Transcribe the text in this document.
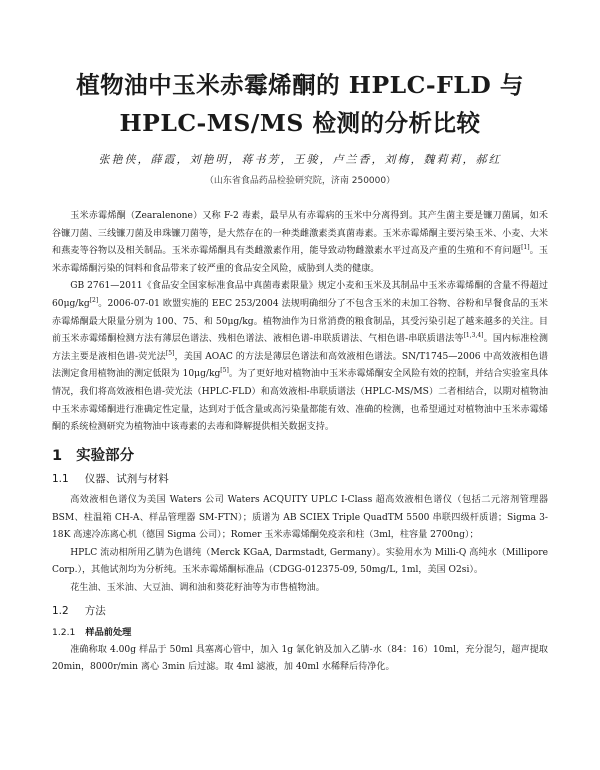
植物油中玉米赤霉烯酮的 HPLC-FLD 与
HPLC-MS/MS 检测的分析比较
张艳侠，薛霞，刘艳明，蒋书芳，王骏，卢兰香，刘梅，魏莉莉，郝红
（山东省食品药品检验研究院，济南 250000）

玉米赤霉烯酮（Zearalenone）又称 F-2 毒素，最早从有赤霉病的玉米中分离得到。其产生菌主要是镰刀菌属，如禾谷镰刀菌、三线镰刀菌及串珠镰刀菌等，是大然存在的一种类雌激素类真菌毒素。玉米赤霉烯酮主要污染玉米、小麦、大米和燕麦等谷物以及相关制品。玉米赤霉烯酮具有类雌激素作用，能导致动物雌激素水平过高及产重的生殖和不育问题[1]。玉米赤霉烯酮污染的饲料和食品带来了较严重的食品安全风险，威胁到人类的健康。

GB 2761—2011《食品安全国家标准食品中真菌毒素限量》规定小麦和玉米及其制品中玉米赤霉烯酮的含量不得超过 60μg/kg[2]。2006-07-01 欧盟实施的 EEC 253/2004 法规明确细分了不包含玉米的未加工谷物、谷粉和早餐食品的玉米赤霉烯酮最大限量分别为 100、75、和 50μg/kg。植物油作为日常消费的粮食制品，其受污染引起了越来越多的关注。目前玉米赤霉烯酮检测方法有薄层色谱法、残相色谱法、液相色谱-串联质谱法、气相色谱-串联质谱法等[1,3,4]。国内标准检测方法主要是液相色谱-荧光法[5]，美国 AOAC 的方法是薄层色谱法和高效液相色谱法。SN/T1745—2006 中高效液相色谱法测定食用植物油的测定低限为 10μg/kg[5]。为了更好地对植物油中玉米赤霉烯酮安全风险有效的控制，并结合实验室具体情况，我们将高效液相色谱-荧光法（HPLC-FLD）和高效液相-串联质谱法（HPLC-MS/MS）二者相结合，以期对植物油中玉米赤霉烯酮进行准确定性定量，达到对于低含量或高污染量都能有效、准确的检测，也希望通过对植物油中玉米赤霉烯酮的系统检测研究为植物油中该毒素的去毒和降解提供相关数据支持。

1 实验部分
1.1 仪器、试剂与材料

高效液相色谱仪为美国 Waters 公司 Waters ACQUITY UPLC I-Class 超高效液相色谱仪（包括二元溶剂管理器 BSM、柱温箱 CH-A、样品管理器 SM-FTN）；质谱为 AB SCIEX Triple QuadTM 5500 串联四级杆质谱；Sigma 3-18K 高速冷冻离心机（德国 Sigma 公司）；Romer 玉米赤霉烯酮免疫亲和柱（3ml，柱容量 2700ng）；

HPLC 流动相所用乙腈为色谱纯（Merck KGaA, Darmstadt, Germany）。实验用水为 Milli-Q 高纯水（Millipore Corp.），其他试剂均为分析纯。玉米赤霉烯酮标准品（CDGG-012375-09, 50mg/L, 1ml，美国 O2si）。

花生油、玉米油、大豆油、调和油和葵花籽油等为市售植物油。

1.2 方法
1.2.1 样品前处理

准确称取 4.00g 样品于 50ml 具塞离心管中，加入 1g 氯化钠及加入乙腈-水（84：16）10ml，充分混匀，超声提取 20min，8000r/min 离心 3min 后过滤。取 4ml 滤液，加 40ml 水稀释后待净化。
